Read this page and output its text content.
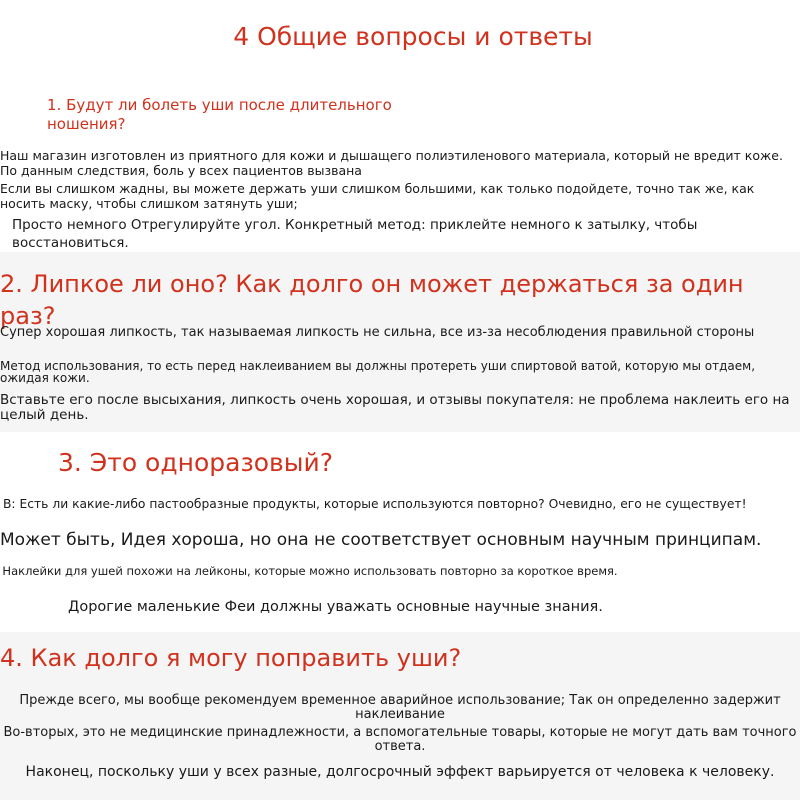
4 Общие вопросы и ответы
1. Будут ли болеть уши после длительного ношения?

Наш магазин изготовлен из приятного для кожи и дышащего полиэтиленового материала, который не вредит коже. По данным следствия, боль у всех пациентов вызвана

Если вы слишком жадны, вы можете держать уши слишком большими, как только подойдете, точно так же, как носить маску, чтобы слишком затянуть уши;

Просто немного Отрегулируйте угол. Конкретный метод: приклейте немного к затылку, чтобы восстановиться.

2. Липкое ли оно? Как долго он может держаться за один раз?

Супер хорошая липкость, так называемая липкость не сильна, все из-за несоблюдения правильной стороны

Метод использования, то есть перед наклеиванием вы должны протереть уши спиртовой ватой, которую мы отдаем, ожидая кожи.

Вставьте его после высыхания, липкость очень хорошая, и отзывы покупателя: не проблема наклеить его на целый день.

3. Это одноразовый?

B: Есть ли какие-либо пастообразные продукты, которые используются повторно? Очевидно, его не существует!

Может быть, Идея хороша, но она не соответствует основным научным принципам.

Наклейки для ушей похожи на лейконы, которые можно использовать повторно за короткое время.

Дорогие маленькие Феи должны уважать основные научные знания.

4. Как долго я могу поправить уши?

Прежде всего, мы вообще рекомендуем временное аварийное использование; Так он определенно задержит наклеивание

Во-вторых, это не медицинские принадлежности, а вспомогательные товары, которые не могут дать вам точного ответа.

Наконец, поскольку уши у всех разные, долгосрочный эффект варьируется от человека к человеку.
